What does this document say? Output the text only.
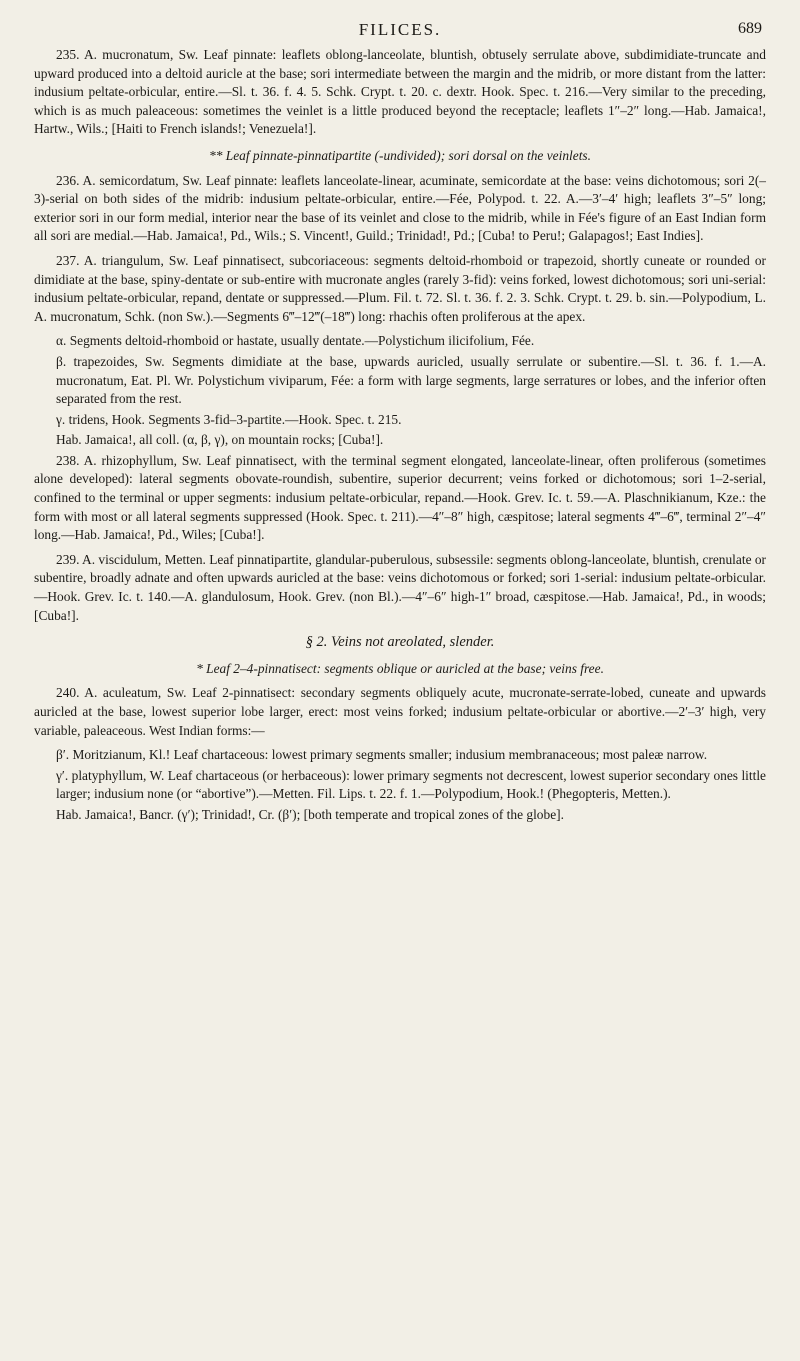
FILICES.	689

235. A. mucronatum, Sw. Leaf pinnate: leaflets oblong-lanceolate, bluntish, obtusely serrulate above, subdimidiate-truncate and upward produced into a deltoid auricle at the base; sori intermediate between the margin and the midrib, or more distant from the latter: indusium peltate-orbicular, entire.—Sl. t. 36. f. 4. 5. Schk. Crypt. t. 20. c. dextr. Hook. Spec. t. 216.—Very similar to the preceding, which is as much paleaceous: sometimes the veinlet is a little produced beyond the receptacle; leaflets 1″–2″ long.—Hab. Jamaica!, Hartw., Wils.; [Haiti to French islands!; Venezuela!].

** Leaf pinnate-pinnatipartite (-undivided); sori dorsal on the veinlets.

236. A. semicordatum, Sw. Leaf pinnate: leaflets lanceolate-linear, acuminate, semicordate at the base: veins dichotomous; sori 2(–3)-serial on both sides of the midrib: indusium peltate-orbicular, entire.—Fée, Polypod. t. 22. A.—3′–4′ high; leaflets 3″–5″ long; exterior sori in our form medial, interior near the base of its veinlet and close to the midrib, while in Fée's figure of an East Indian form all sori are medial.—Hab. Jamaica!, Pd., Wils.; S. Vincent!, Guild.; Trinidad!, Pd.; [Cuba! to Peru!; Galapagos!; East Indies].

237. A. triangulum, Sw. Leaf pinnatisect, subcoriaceous: segments deltoid-rhomboid or trapezoid, shortly cuneate or rounded or dimidiate at the base, spiny-dentate or sub-entire with mucronate angles (rarely 3-fid): veins forked, lowest dichotomous; sori uni-serial: indusium peltate-orbicular, repand, dentate or suppressed.—Plum. Fil. t. 72. Sl. t. 36. f. 2. 3. Schk. Crypt. t. 29. b. sin.—Polypodium, L. A. mucronatum, Schk. (non Sw.).—Segments 6‴–12‴(–18‴) long: rhachis often proliferous at the apex.

α. Segments deltoid-rhomboid or hastate, usually dentate.—Polystichum ilicifolium, Fée.

β. trapezoides, Sw. Segments dimidiate at the base, upwards auricled, usually serrulate or subentire.—Sl. t. 36. f. 1.—A. mucronatum, Eat. Pl. Wr. Polystichum viviparum, Fée: a form with large segments, large serratures or lobes, and the inferior often separated from the rest.

γ. tridens, Hook. Segments 3-fid–3-partite.—Hook. Spec. t. 215.

Hab. Jamaica!, all coll. (α, β, γ), on mountain rocks; [Cuba!].

238. A. rhizophyllum, Sw. Leaf pinnatisect, with the terminal segment elongated, lanceolate-linear, often proliferous (sometimes alone developed): lateral segments obovate-roundish, subentire, superior decurrent; veins forked or dichotomous; sori 1–2-serial, confined to the terminal or upper segments: indusium peltate-orbicular, repand.—Hook. Grev. Ic. t. 59.—A. Plaschnikianum, Kze.: the form with most or all lateral segments suppressed (Hook. Spec. t. 211).—4″–8″ high, cæspitose; lateral segments 4‴–6‴, terminal 2″–4″ long.—Hab. Jamaica!, Pd., Wiles; [Cuba!].

239. A. viscidulum, Metten. Leaf pinnatipartite, glandular-puberulous, subsessile: segments oblong-lanceolate, bluntish, crenulate or subentire, broadly adnate and often upwards auricled at the base: veins dichotomous or forked; sori 1-serial: indusium peltate-orbicular.—Hook. Grev. Ic. t. 140.—A. glandulosum, Hook. Grev. (non Bl.).—4″–6″ high-1″ broad, cæspitose.—Hab. Jamaica!, Pd., in woods; [Cuba!].

§ 2. Veins not areolated, slender.

* Leaf 2–4-pinnatisect: segments oblique or auricled at the base; veins free.

240. A. aculeatum, Sw. Leaf 2-pinnatisect: secondary segments obliquely acute, mucronate-serrate-lobed, cuneate and upwards auricled at the base, lowest superior lobe larger, erect: most veins forked; indusium peltate-orbicular or abortive.—2′–3′ high, very variable, paleaceous. West Indian forms:—

β′. Moritzianum, Kl.! Leaf chartaceous: lowest primary segments smaller; indusium membranaceous; most paleæ narrow.

γ′. platyphyllum, W. Leaf chartaceous (or herbaceous): lower primary segments not decrescent, lowest superior secondary ones little larger; indusium none (or “abortive”).—Metten. Fil. Lips. t. 22. f. 1.—Polypodium, Hook.! (Phegopteris, Metten.).

Hab. Jamaica!, Bancr. (γ′); Trinidad!, Cr. (β′); [both temperate and tropical zones of the globe].
